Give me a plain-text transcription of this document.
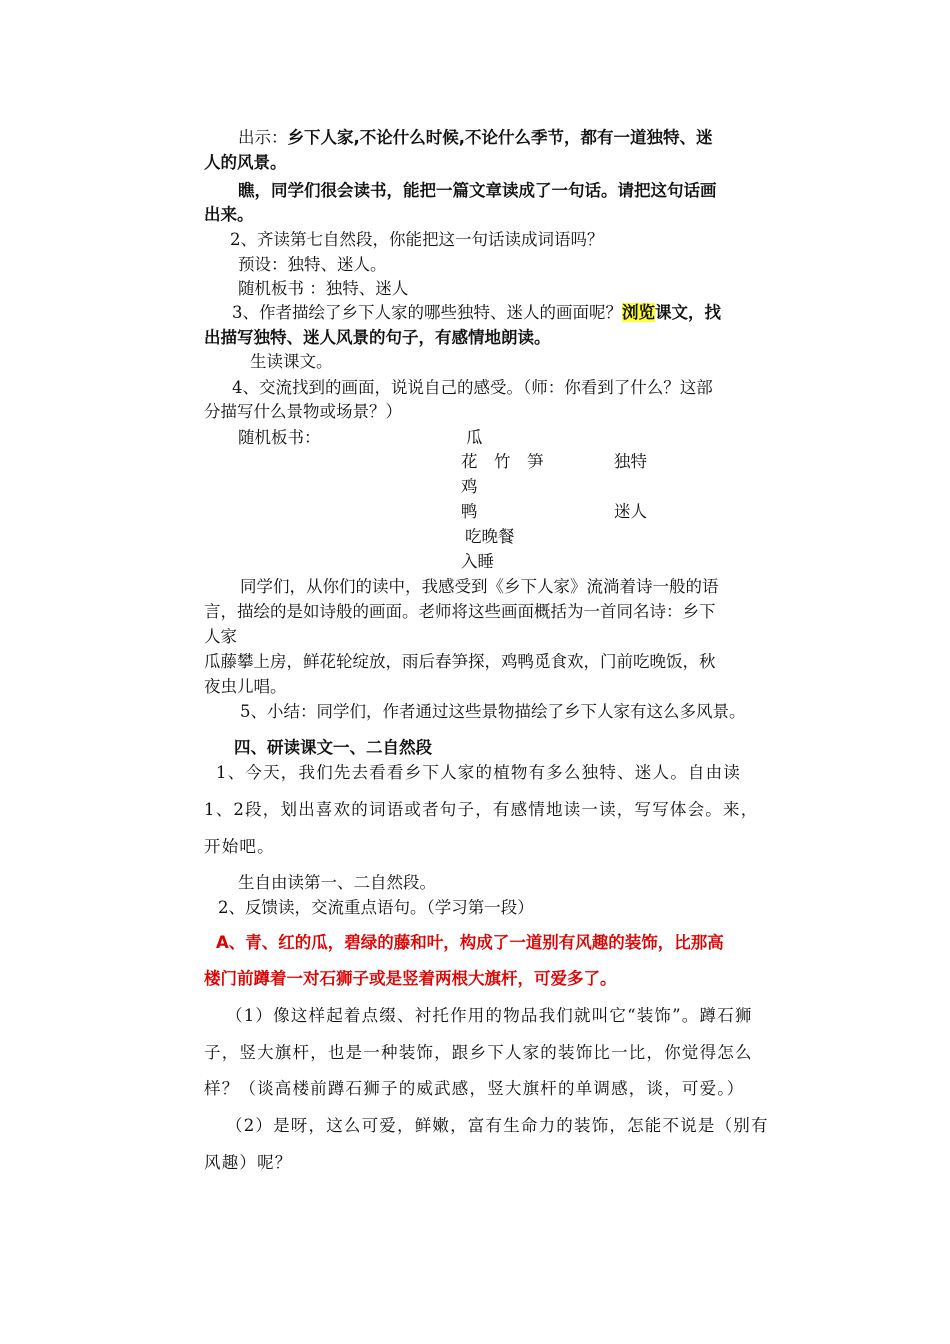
出示：乡下人家,不论什么时候,不论什么季节，都有一道独特、迷
人的风景。
瞧，同学们很会读书，能把一篇文章读成了一句话。请把这句话画
出来。
2、齐读第七自然段，你能把这一句话读成词语吗？
预设：独特、迷人。
随机板书 ：独特、迷人
3、作者描绘了乡下人家的哪些独特、迷人的画面呢？浏览课文，找
出描写独特、迷人风景的句子，有感情地朗读。
生读课文。
4、交流找到的画面，说说自己的感受。（师：你看到了什么？这部
分描写什么景物或场景？）
随机板书：	瓜
花　竹　笋	独特
鸡
鸭	迷人
吃晚餐
入睡
同学们，从你们的读中，我感受到《乡下人家》流淌着诗一般的语
言，描绘的是如诗般的画面。老师将这些画面概括为一首同名诗：乡下
人家
瓜藤攀上房，鲜花轮绽放，雨后春笋探，鸡鸭觅食欢，门前吃晚饭，秋
夜虫儿唱。
5、小结：同学们，作者通过这些景物描绘了乡下人家有这么多风景。
四、研读课文一、二自然段
1、今天，我们先去看看乡下人家的植物有多么独特、迷人。自由读
1、2段，划出喜欢的词语或者句子，有感情地读一读，写写体会。来，
开始吧。
生自由读第一、二自然段。
2、反馈读，交流重点语句。（学习第一段）
A、青、红的瓜，碧绿的藤和叶，构成了一道别有风趣的装饰，比那高
楼门前蹲着一对石狮子或是竖着两根大旗杆，可爱多了。
（1）像这样起着点缀、衬托作用的物品我们就叫它“装饰”。蹲石狮
子，竖大旗杆，也是一种装饰，跟乡下人家的装饰比一比，你觉得怎么
样？（谈高楼前蹲石狮子的威武感，竖大旗杆的单调感，谈，可爱。）
（2）是呀，这么可爱，鲜嫩，富有生命力的装饰，怎能不说是（别有
风趣）呢？
